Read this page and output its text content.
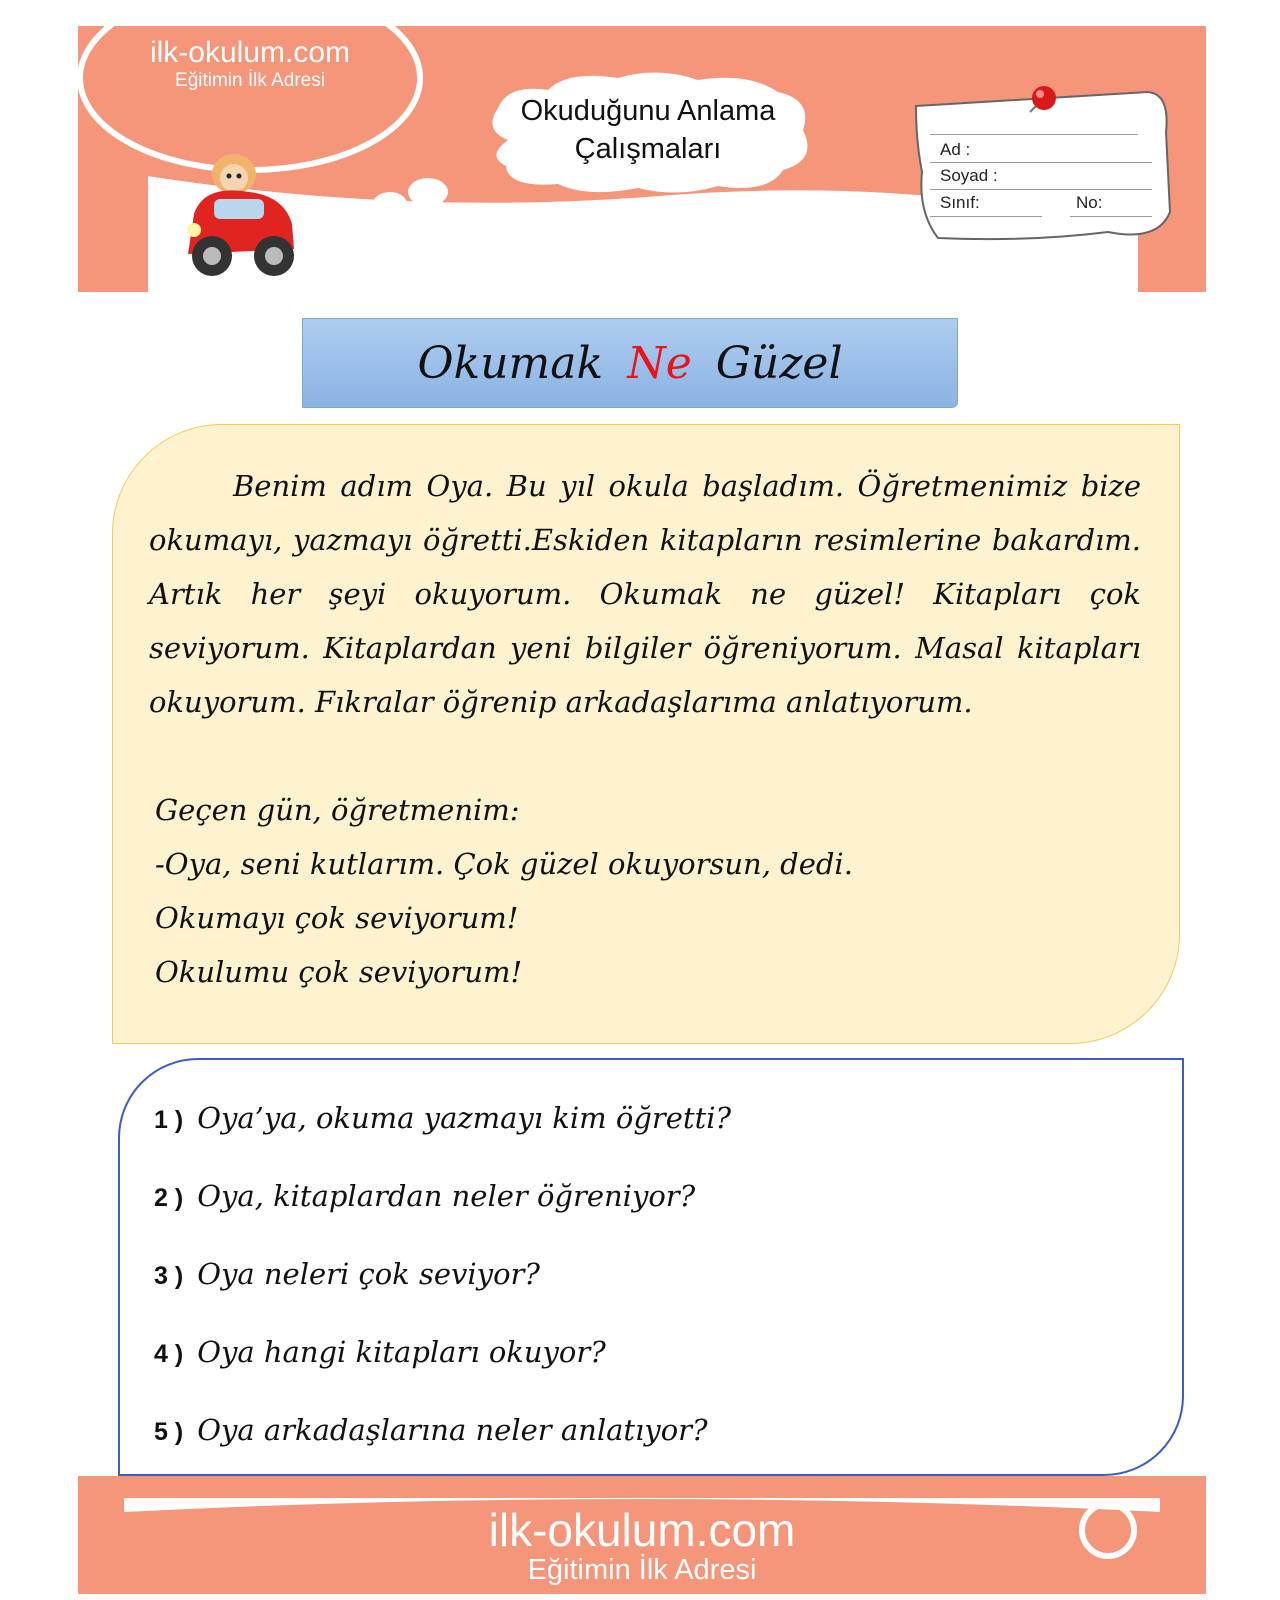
ilk-okulum.com
Eğitimin İlk Adresi
Okuduğunu Anlama
Çalışmaları	Ad :
Soyad :
Sınıf:	No:
Okumak Ne Güzel

Benim adım Oya. Bu yıl okula başladım. Öğretmenimiz bize okumayı, yazmayı öğretti.Eskiden kitapların resimlerine bakardım. Artık her şeyi okuyorum. Okumak ne güzel! Kitapları çok seviyorum. Kitaplardan yeni bilgiler öğreniyorum. Masal kitapları okuyorum. Fıkralar öğrenip arkadaşlarıma anlatıyorum.

Geçen gün, öğretmenim:
-Oya, seni kutlarım. Çok güzel okuyorsun, dedi.
Okumayı çok seviyorum!
Okulumu çok seviyorum!
1 ) Oya’ya, okuma yazmayı kim öğretti?
2 ) Oya, kitaplardan neler öğreniyor?
3 ) Oya neleri çok seviyor?
4 ) Oya hangi kitapları okuyor?
5 ) Oya arkadaşlarına neler anlatıyor?
ilk-okulum.com
Eğitimin İlk Adresi
